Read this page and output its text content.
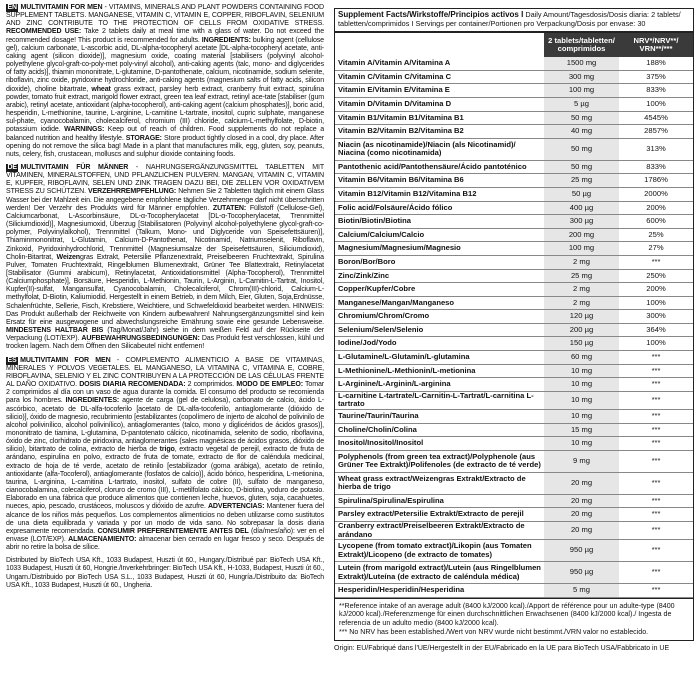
EN MULTIVITAMIN FOR MEN - VITAMINS, MINERALS AND PLANT POWDERS CONTAINING FOOD SUPPLEMENT TABLETS. MANGANESE, VITAMIN C, VITAMIN E, COPPER, RIBOFLAVIN, SELENIUM AND ZINC CONTRIBUTE TO THE PROTECTION OF CELLS FROM OXIDATIVE STRESS. RECOMMENDED USE: Take 2 tablets daily at meal time with a glass of water. Do not exceed the recommended dosage! This product is recommended for adults. INGREDIENTS: bulking agent (cellulose gel), calcium carbonate, L-ascorbic acid, DL-alpha-tocopheryl acetate [DL-alpha-tocopheryl acetate, anti-caking agent (silicon dioxide)], magnesium oxide, coating material [stabilisers (polyvinyl alcohol-polyethylene glycol-graft-co-poly-met poly-vinyl alcohol), anti-caking agents (talc, mono- and diglycerides of fatty acids)], thiamin mononitrate, L-glutamine, D-pantothenate, calcium, nicotinamide, sodium selenite, riboflavin, zinc oxide, pyridoxine hydrochloride, anti-caking agents (magnesium salts of fatty acids, silicon dioxide), choline bitartrate, wheat grass extract, parsley herb extract, cranberry fruit extract, spirulina powder, tomato fruit extract, marigold flower extract, green tea leaf extract, retinyl ace-tate [stabiliser (gum arabic), retinyl acetate, antioxidant (alpha-tocopherol), anti-caking agent (calcium phosphates)], boric acid, hesperidin, L-methionine, taurine, L-arginine, L-carnitine L-tartrate, inositol, cupric sulphate, manganese sul-phate, cyanocobalamin, cholecalciferol, chromium (III) chloride, calcium-L-methylfolate, D-biotin, potassium iodide. WARNINGS: Keep out of reach of children. Food supplements do not replace a balanced nutrition and healthy lifestyle. STORAGE: Store product tightly closed in a cool, dry place. After opening do not remove the silica bag! Made in a plant that manufactures milk, egg, gluten, soy, peanuts, nuts, celery, fish, crustacean, molluscs and sulphur dioxide containing foods.
DE MULTIVITAMIN FÜR MÄNNER - NAHRUNGSERGÄNZUNGSMITTEL TABLETTEN MIT VITAMINEN, MINERALSTOFFEN, UND PFLANZLICHEN PULVERN. MANGAN, VITAMIN C, VITAMIN E, KUPFER, RIBOFLAVIN, SELEN UND ZINK TRAGEN DAZU BEI, DIE ZELLEN VOR OXIDATIVEM STRESS ZU SCHÜTZEN. VERZEHRREMPFEHLUNG: Nehmen Sie 2 Tabletten täglich mit einem Glass Wasser bei der Mahlzeit ein. Die angegebene empfohlene tägliche Verzehrmenge darf nicht überschritten werden! Der Verzehr des Produkts wird für Männer empfohlen. ZUTATEN: Füllstoff (Cellulose-Gel), Calciumcarbonat, L-Ascorbinsäure, DL-α-Tocopherylacetat [DL-α-Tocopherylacetat, Trennmittel (Siliciumdioxid)], Magnesiumoxid, Überzug [Stabilisatoren (Polyvinyl alcohol-polyethylene glycol-graft-co-polymer, Polyvinylalkohol), Trennmittel (Talkum, Mono- und Diglyceride von Speisefettsäuren)], Thiaminmononitrat, L-Glutamin, Calcium-D-Pantothenat, Nicotinamid, Natriumselenit, Riboflavin, Zinkoxid, Pyridoxinhydrochlorid, Trennmittel (Magnesiumsalze der Speisefettsäuren, Siliciumdioxid), Cholin-Bitartrat, Weizengras Extrakt, Petersilie Pflanzenextrakt, Preiselbeeren Fruchtextrakt, Spirulina Pulver, Tomaten Fruchtextrakt, Ringelblumen Blumenextrakt, Grüner Tee Blattextrakt, Retinylacetat [Stabilisator (Gummi arabicum), Retinylacetat, Antioxidationsmittel (Alpha-Tocopherol), Trennmittel (Calciumphosphate)], Borsäure, Hesperidin, L-Methionin, Taurin, L-Arginin, L-Carnitin-L-Tartrat, Inositol, Kupfer(II)-sulfat, Mangansulfat, Cyanocobalamin, Cholecalciferol, Chrom(III)-chlorid, Calcium-L-methylfolat, D-Biotin, Kaliumiodid. Hergestellt in einem Betrieb, in dem Milch, Eier, Gluten, Soja,Erdnüsse, Schalenfrüchte, Sellerie, Fisch, Krebstiere, Weichtiere, und Schwefeldioxid bearbeitet werden. HINWEIS: Das Produkt außerhalb der Reichweite von Kindern aufbewahren! Nahrungsergänzungsmittel sind kein Ersatz für eine ausgewogene und abwechslungsreiche Ernährung sowie eine gesunde Lebensweise. MINDESTENS HALTBAR BIS (Tag/Monat/Jahr) siehe in dem weißen Feld auf der Rückseite der Verpackung (LOT/EXP). AUFBEWAHRUNGSBEDINGUNGEN: Das Produkt fest verschlossen, kühl und trocken lagern. Nach dem Öffnen den Silicabeutel nicht entfernen!
ES MULTIVITAMIN FOR MEN - COMPLEMENTO ALIMENTICIO A BASE DE VITAMINAS, MINERALES Y POLVOS VEGETALES. EL MANGANESO, LA VITAMINA C, VITAMINA E, COBRE, RIBOFLAVINA, SELENIO Y EL ZINC CONTRIBUYEN A LA PROTECCIÓN DE LAS CÉLULAS FRENTE AL DAÑO OXIDATIVO. DOSIS DIARIA RECOMENDADA: 2 comprimidos. MODO DE EMPLEO: Tomar 2 comprimidos al día con un vaso de agua durante la comida. El consumo del producto se recomienda para los hombres. INGREDIENTES: agente de carga (gel de celulosa), carbonato de calcio, ácido L-ascórbico, acetato de DL-alfa-tocoferilo [acetato de DL-alfa-tocoferilo, antiaglomerante (dióxido de silicio)], óxido de magnesio, recubrimiento [estabilizantes (copolímero de injerto de alcohol de polivinilo de alcohol polivinílico, alcohol polivinílico), antiaglomerantes (talco, mono y diglicéridos de ácidos grasos)], mononitrato de tiamina, L-glutamina, D-pantotenato cálcico, nicotinamida, selenito de sodio, riboflavina, óxido de zinc, clorhidrato de piridoxina, antiaglomerantes (sales magnésicas de ácidos grasos, dióxido de silicio), bitartrato de colina, extracto de hierba de trigo, extracto vegetal de perejil, extracto de fruta de arándano, espirulina en polvo, extracto de fruta de tomate, extracto de flor de caléndula medicinal, extracto de hoja de té verde, acetato de retinilo [estabilizador (goma arábiga), acetato de retinilo, antioxidante (alfa-Tocoferol), antiaglomerante (fosfatos de calcio)], ácido bórico, hesperidina, L-metionina, taurina, L-arginina, L-carnitina L-tartrato, inositol, sulfato de cobre (II), sulfato de manganeso, cianocobalamina, colecalciferol, cloruro de cromo (III), L-metilfolato cálcico, D-biotina, yoduro de potasio. Elaborado en una fábrica que produce alimentos que contienen leche, huevos, gluten, soja, cacahuetes, nueces, apio, pescado, crustáceos, moluscos y dióxido de azufre. ADVERTENCIAS: Mantener fuera del alcance de los niños más pequeños. Los complementos alimenticios no deben utilizarse como sustitutos de una dieta equilibrada y variada y por un modo de vida sano. No sobrepasar la dosis diaria expresamente recomendada. CONSUMIR PREFERENTEMENTE ANTES DEL (día/mes/año): ver en el envase (LOT/EXP). ALMACENAMIENTO: almacenar bien cerrado en lugar fresco y seco. Después de abrir no retire la bolsa de sílice.
Distributed by BioTech USA Kft., 1033 Budapest, Huszti út 60., Hungary./Distribué par: BioTech USA Kft., 1033 Budapest, Huszti út 60, Hongrie./Inverkehrbringer: BioTech USA Kft., H-1033, Budapest, Huszti út 60., Ungarn./Distribuido por BioTech USA S.L., 1033 Budapest, Huszti út 60, Hungría./Distribuito da: BioTech USA Kft., 1033 Budapest, Huszti út 60., Ungheria.
Supplement Facts/Wirkstoffe/Principios activos I Daily Amount/Tagesdosis/Dosis diaria: 2 tablets/ tabletten/comprimidos I Servings per container/Portionen pro Verpackung/Dosis por envase: 30
	2 tablets/tabletten/ comprimidos	NRV*/NRV**/ VRN**/***
Vitamin A/Vitamin A/Vitamina A	1500 mg	188%
Vitamin C/Vitamin C/Vitamina C	300 mg	375%
Vitamin E/Vitamin E/Vitamina E	100 mg	833%
Vitamin D/Vitamin D/Vitamina D	5 µg	100%
Vitamin B1/Vitamin B1/Vitamina B1	50 mg	4545%
Vitamin B2/Vitamin B2/Vitamina B2	40 mg	2857%
Niacin (as nicotinamide)/Niacin (als Nicotinamid)/ Niacina (como nicotinamida)	50 mg	313%
Pantothenic acid/Pantothensäure/Ácido pantoténico	50 mg	833%
Vitamin B6/Vitamin B6/Vitamina B6	25 mg	1786%
Vitamin B12/Vitamin B12/Vitamina B12	50 µg	2000%
Folic acid/Folsäure/Ácido fólico	400 µg	200%
Biotin/Biotin/Biotina	300 µg	600%
Calcium/Calcium/Calcio	200 mg	25%
Magnesium/Magnesium/Magnesio	100 mg	27%
Boron/Bor/Boro	2 mg	***
Zinc/Zink/Zinc	25 mg	250%
Copper/Kupfer/Cobre	2 mg	200%
Manganese/Mangan/Manganeso	2 mg	100%
Chromium/Chrom/Cromo	120 µg	300%
Selenium/Selen/Selenio	200 µg	364%
Iodine/Jod/Yodo	150 µg	100%
L-Glutamine/L-Glutamin/L-glutamina	60 mg	***
L-Methionine/L-Methionin/L-metionina	10 mg	***
L-Arginine/L-Arginin/L-arginina	10 mg	***
L-carnitine L-tartrate/L-Carnitin-L-Tartrat/L-carnitina L-tartrato	10 mg	***
Taurine/Taurin/Taurina	10 mg	***
Choline/Cholin/Colina	15 mg	***
Inositol/Inositol/Inositol	10 mg	***
Polyphenols (from green tea extract)/Polyphenole (aus Grüner Tee Extrakt)/Polifenoles (de extracto de té verde)	9 mg	***
Wheat grass extract/Weizengras Extrakt/Extracto de hierba de trigo	20 mg	***
Spirulina/Spirulina/Espirulina	20 mg	***
Parsley extract/Petersilie Extrakt/Extracto de perejil	20 mg	***
Cranberry extract/Preiselbeeren Extrakt/Extracto de arándano	20 mg	***
Lycopene (from tomato extract)/Likopin (aus Tomaten Extrakt)/Licopeno (de extracto de tomates)	950 µg	***
Lutein (from marigold extract)/Lutein (aus Ringelblumen Extrakt)/Luteína (de extracto de caléndula médica)	950 µg	***
Hesperidin/Hesperidin/Hesperidina	5 mg	***
**Reference intake of an average adult (8400 kJ/2000 kcal)./Apport de référence pour un adulte-type (8400 kJ/2000 kcal)./Referenzmenge für einen durchschnittlichen Erwachsenen (8400 kJ/2000 kcal)./ Ingesta de referencia de un adulto medio (8400 kJ/2000 kcal).
*** No NRV has been established./Wert von NRV wurde nicht bestimmt./VRN valor no establecido.
Origin: EU/Fabriqué dans l'UE/Hergestellt in der EU/Fabricado en la UE para BioTech USA/Fabbricato in UE
